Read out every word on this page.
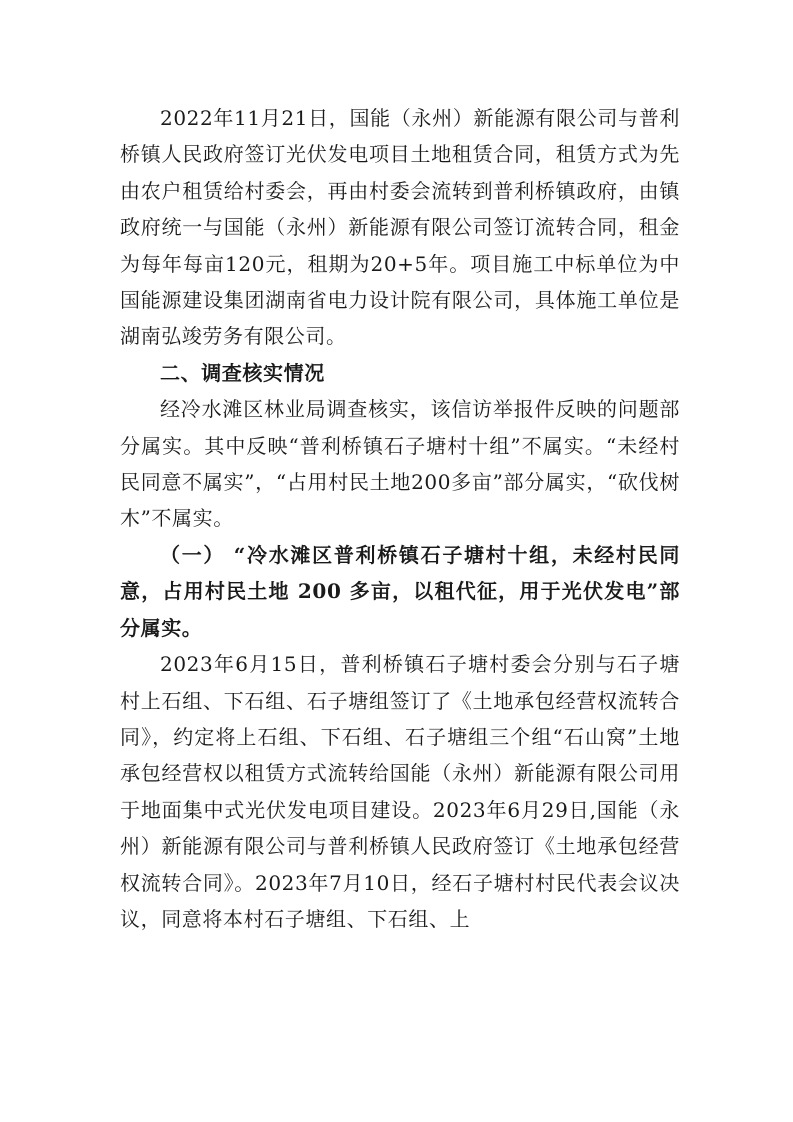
2022年11月21日，国能（永州）新能源有限公司与普利桥镇人民政府签订光伏发电项目土地租赁合同，租赁方式为先由农户租赁给村委会，再由村委会流转到普利桥镇政府，由镇政府统一与国能（永州）新能源有限公司签订流转合同，租金为每年每亩120元，租期为20+5年。项目施工中标单位为中国能源建设集团湖南省电力设计院有限公司，具体施工单位是湖南弘竣劳务有限公司。

二、调查核实情况

经冷水滩区林业局调查核实，该信访举报件反映的问题部分属实。其中反映“普利桥镇石子塘村十组”不属实。“未经村民同意不属实”，“占用村民土地200多亩”部分属实，“砍伐树木”不属实。

（一） “冷水滩区普利桥镇石子塘村十组，未经村民同意，占用村民土地 200 多亩，以租代征，用于光伏发电”部分属实。

2023年6月15日，普利桥镇石子塘村委会分别与石子塘村上石组、下石组、石子塘组签订了《土地承包经营权流转合同》，约定将上石组、下石组、石子塘组三个组“石山窝”土地承包经营权以租赁方式流转给国能（永州）新能源有限公司用于地面集中式光伏发电项目建设。2023年6月29日,国能（永州）新能源有限公司与普利桥镇人民政府签订《土地承包经营权流转合同》。2023年7月10日，经石子塘村村民代表会议决议，同意将本村石子塘组、下石组、上
